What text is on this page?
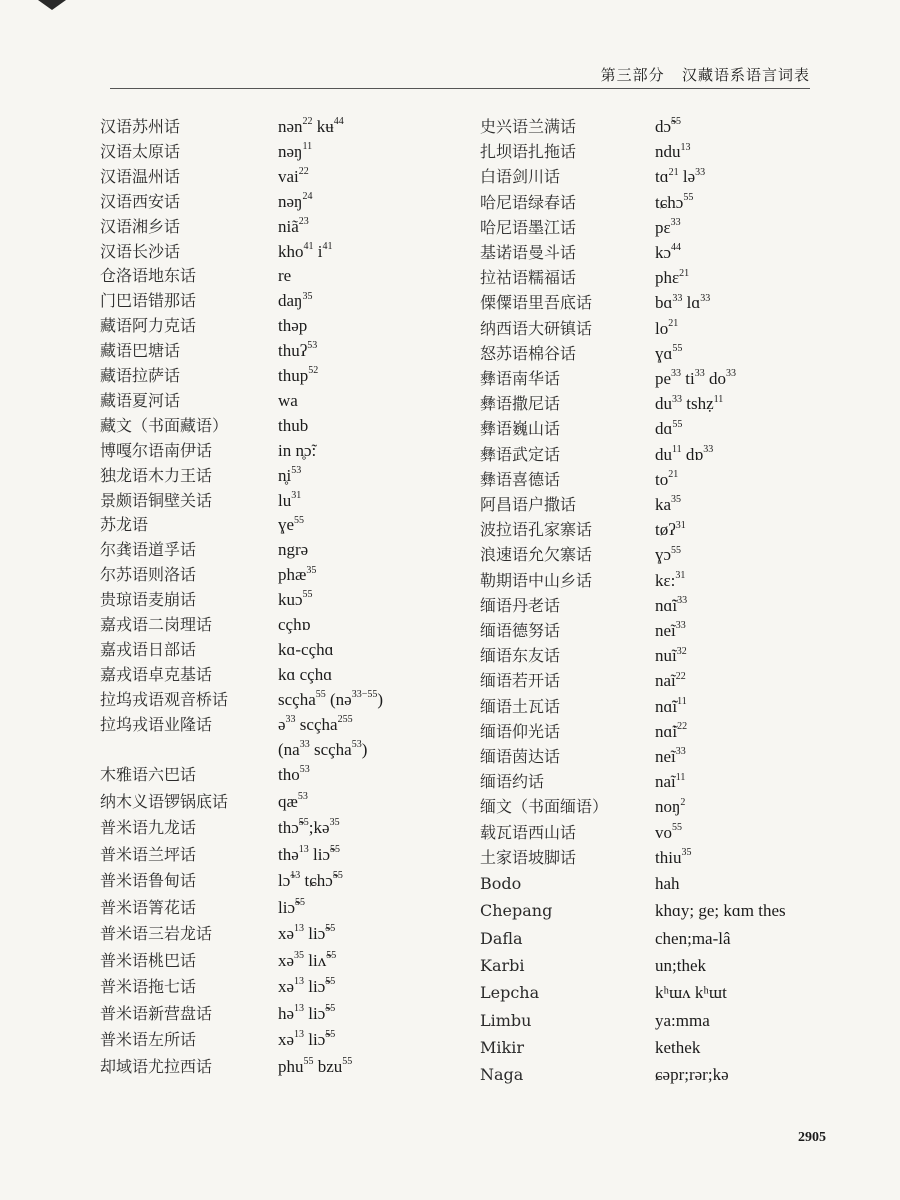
第三部分 汉藏语系语言词表
汉语苏州话	nən$^{22}$ kʉ$^{44}$
汉语太原话	nəŋ$^{11}$
汉语温州话	vai$^{22}$
汉语西安话	nəŋ$^{24}$
汉语湘乡话	niã$^{23}$
汉语长沙话	kho$^{41}$ $i^{41}$
仓洛语地东话	re
门巴语错那话	daŋ$^{35}$
藏语阿力克话	thəp
藏语巴塘话	thuʔ$^{53}$
藏语拉萨话	thup$^{52}$
藏语夏河话	wa
藏文（书面藏语）	thub
博嘎尔语南伊话	in n̥ɔ̃:
独龙语木力王话	$n̥i^{53}$
景颇语铜壁关话	$lu^{31}$
苏龙语	ɣe$^{55}$
尔龚语道孚话	ngrə
尔苏语则洛话	phæ$^{35}$
贵琼语麦崩话	kuɔ$^{55}$
嘉戎语二岗理话	cçhɒ
嘉戎语日部话	kɑ-cçhɑ
嘉戎语卓克基话	kɑ cçhɑ
拉坞戎语观音桥话	scçha$^{55}$ (nə$^{33-55}$)
拉坞戎语业隆话	ə$^{33}$ scçha$^{255}$
($na^{33}$ scçha$^{53}$)
木雅语六巴话	tho$^{53}$
纳木义语锣锅底话	$qæ^{53}$
普米语九龙话	thɔ̃$^{55}$;kə$^{35}$
普米语兰坪话	thə$^{13}$ liɔ̃$^{55}$
普米语鲁甸话	lɔ̃$^{13}$ tɕhɔ̃$^{55}$
普米语箐花话	liɔ̃$^{55}$
普米语三岩龙话	xə$^{13}$ liɔ̃$^{55}$
普米语桃巴话	xə$^{35}$ liʌ̃$^{55}$
普米语拖七话	xə$^{13}$ liɔ̃$^{55}$
普米语新营盘话	hə$^{13}$ liɔ̃$^{55}$
普米语左所话	xə$^{13}$ liɔ̃$^{55}$
却域语尤拉西话	phu$^{55}$ bzu$^{55}$
史兴语兰满话	dɔ̃$^{55}$
扎坝语扎拖话	ndu$^{13}$
白语剑川话	tɑ$^{21}$ lə$^{33}$
哈尼语绿春话	tɕhɔ$^{55}$
哈尼语墨江话	pɛ$^{33}$
基诺语曼斗话	kɔ$^{44}$
拉祜语糯福话	phɛ$^{21}$
傈僳语里吾底话	bɑ$^{33}$ lɑ$^{33}$
纳西语大研镇话	$lo^{21}$
怒苏语棉谷话	ɣɑ$^{55}$
彝语南华话	$pe^{33}$ $ti^{33}$ $do^{33}$
彝语撒尼话	$du^{33}$ tshẓ$^{11}$
彝语巍山话	dɑ$^{55}$
彝语武定话	$du^{11}$ dɒ$^{33}$
彝语喜德话	$to^{21}$
阿昌语户撒话	$ka^{35}$
波拉语孔家寨话	tøʔ$^{31}$
浪速语允欠寨话	ɣɔ$^{55}$
勒期语中山乡话	kɛ:$^{31}$
缅语丹老话	$nɑ̃ĩ^{33}$
缅语德努话	neĩ$^{33}$
缅语东友话	nuĩ$^{32}$
缅语若开话	naĩ$^{22}$
缅语土瓦话	$nɑ̃ĩ^{11}$
缅语仰光话	$nɑ̃i^{22}$
缅语茵达话	neĩ$^{33}$
缅语约话	naĩ$^{11}$
缅文（书面缅语）	noŋ$^2$
载瓦语西山话	$vo^{55}$
土家语坡脚话	thiu$^{35}$
Bodo	hah
Chepang	khɑy; ge; kɑm thes
Dafla	chen;ma-lâ
Karbi	un;thek
Lepcha	kʰɯʌ kʰɯt
Limbu	ya:mma
Mikir	kethek
Naga	ɕəpr;rər;kə
2905
